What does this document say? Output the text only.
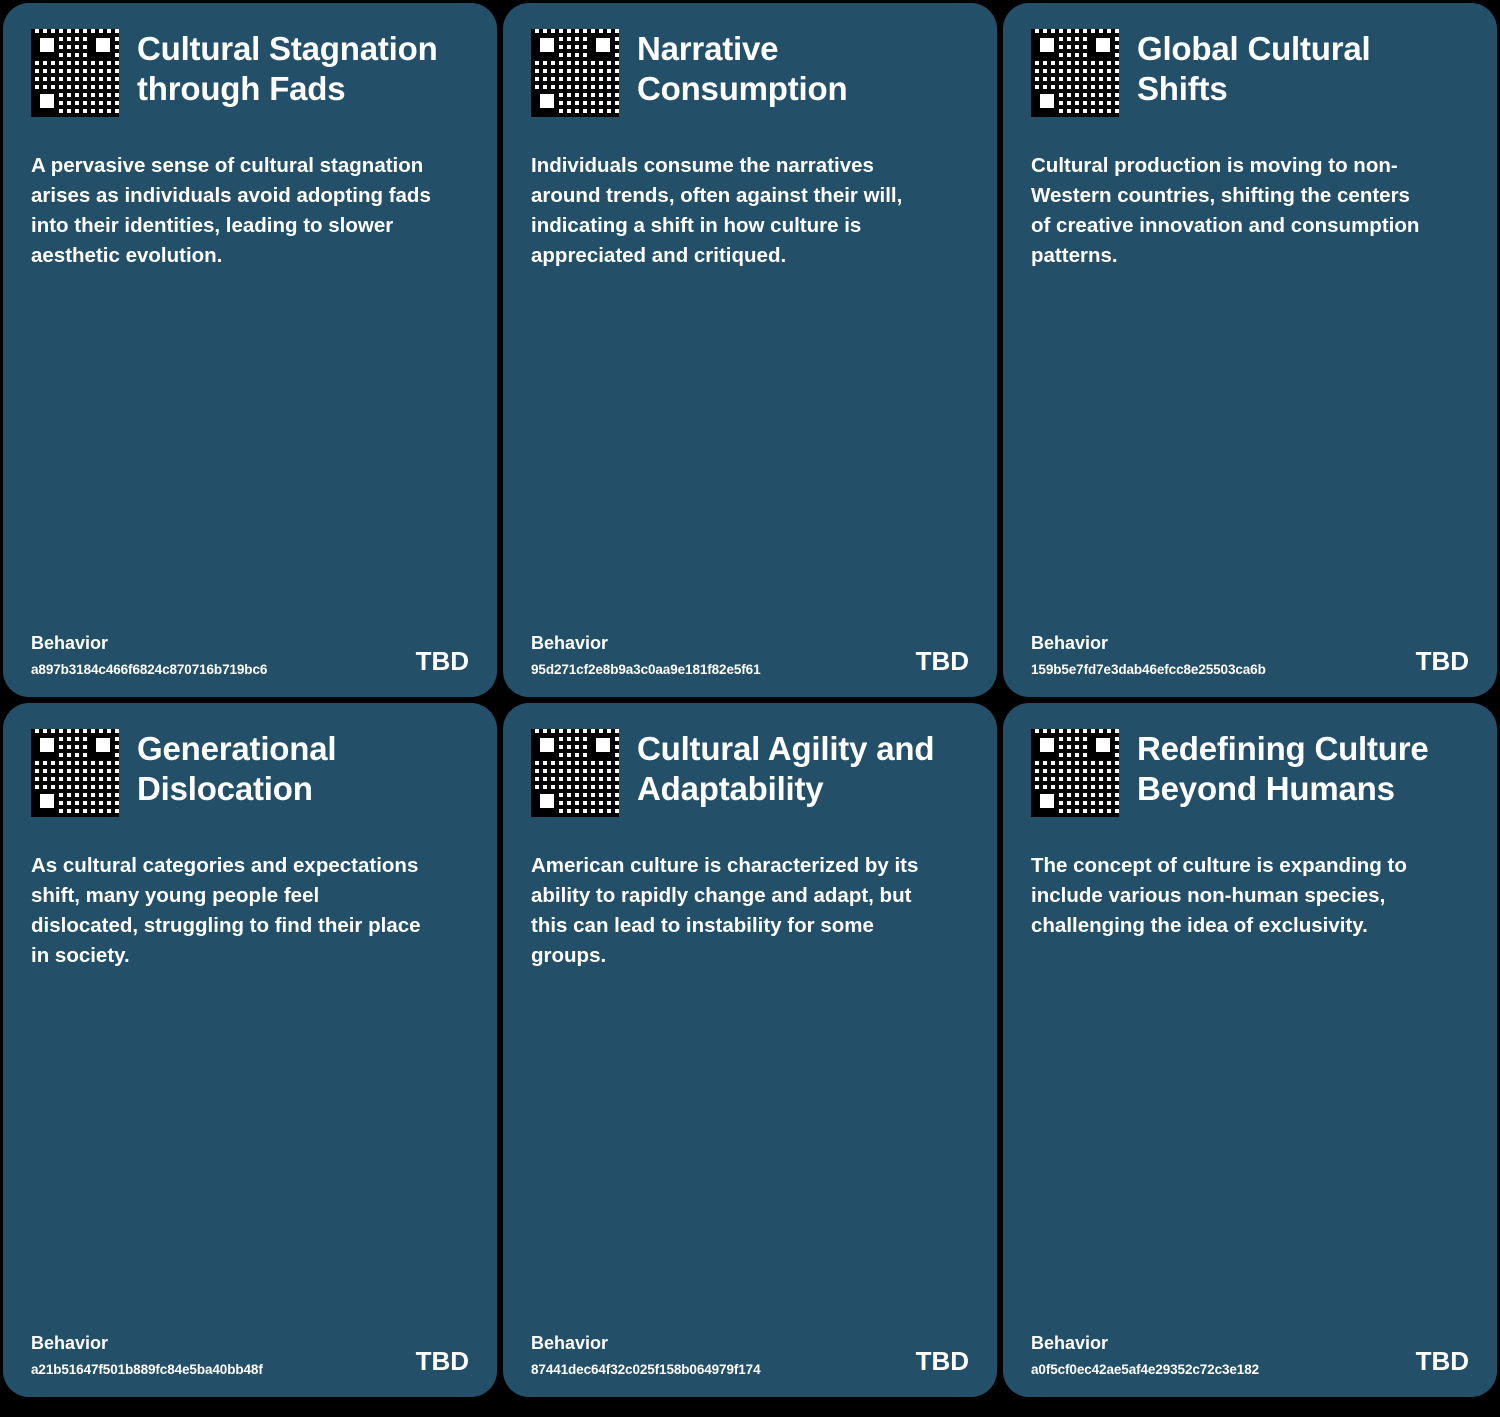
Cultural Stagnation through Fads
A pervasive sense of cultural stagnation arises as individuals avoid adopting fads into their identities, leading to slower aesthetic evolution.
Behavior
a897b3184c466f6824c870716b719bc6	TBD
Narrative Consumption
Individuals consume the narratives around trends, often against their will, indicating a shift in how culture is appreciated and critiqued.
Behavior
95d271cf2e8b9a3c0aa9e181f82e5f61	TBD
Global Cultural Shifts
Cultural production is moving to non-Western countries, shifting the centers of creative innovation and consumption patterns.
Behavior
159b5e7fd7e3dab46efcc8e25503ca6b	TBD
Generational Dislocation
As cultural categories and expectations shift, many young people feel dislocated, struggling to find their place in society.
Behavior
a21b51647f501b889fc84e5ba40bb48f	TBD
Cultural Agility and Adaptability
American culture is characterized by its ability to rapidly change and adapt, but this can lead to instability for some groups.
Behavior
87441dec64f32c025f158b064979f174	TBD
Redefining Culture Beyond Humans
The concept of culture is expanding to include various non-human species, challenging the idea of exclusivity.
Behavior
a0f5cf0ec42ae5af4e29352c72c3e182	TBD
